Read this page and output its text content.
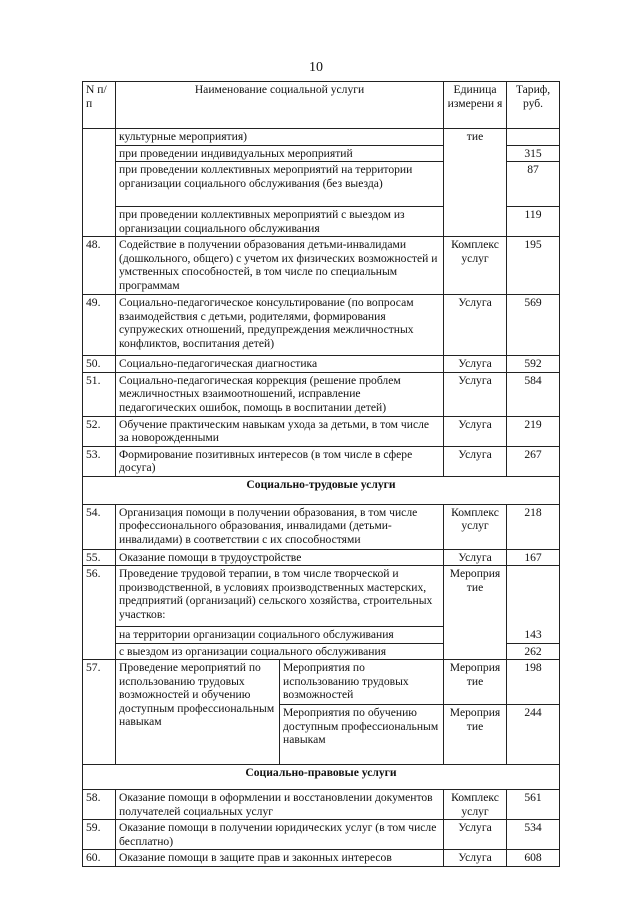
10
N п/п	Наименование социальной услуги		Единица измерени я	Тариф, руб.
	культурные мероприятия)		тие	
	при проведении индивидуальных мероприятий			315
	при проведении коллективных мероприятий на территории организации социального обслуживания (без выезда)			87
	при проведении коллективных мероприятий с выездом из организации социального обслуживания			119
48.	Содействие в получении образования детьми-инвалидами (дошкольного, общего) с учетом их физических возможностей и умственных способностей, в том числе по специальным программам		Комплекс услуг	195
49.	Социально-педагогическое консультирование (по вопросам взаимодействия с детьми, родителями, формирования супружеских отношений, предупреждения межличностных конфликтов, воспитания детей)		Услуга	569
50.	Социально-педагогическая диагностика		Услуга	592
51.	Социально-педагогическая коррекция (решение проблем межличностных взаимоотношений, исправление педагогических ошибок, помощь в воспитании детей)		Услуга	584
52.	Обучение практическим навыкам ухода за детьми, в том числе за новорожденными		Услуга	219
53.	Формирование позитивных интересов (в том числе в сфере досуга)		Услуга	267
Социально-трудовые услуги				
54.	Организация помощи в получении образования, в том числе профессионального образования, инвалидами (детьми-инвалидами) в соответствии с их способностями		Комплекс услуг	218
55.	Оказание помощи в трудоустройстве		Услуга	167
56.	Проведение трудовой терапии, в том числе творческой и производственной, в условиях производственных мастерских, предприятий (организаций) сельского хозяйства, строительных участков:		Мероприя тие	
	на территории организации социального обслуживания			143
	с выездом из организации социального обслуживания			262
57.	Проведение мероприятий по использованию трудовых возможностей и обучению доступным профессиональным навыкам	Мероприятия по использованию трудовых возможностей	Мероприя тие	198
		Мероприятия по обучению доступным профессиональным навыкам	Мероприя тие	244
Социально-правовые услуги				
58.	Оказание помощи в оформлении и восстановлении документов получателей социальных услуг		Комплекс услуг	561
59.	Оказание помощи в получении юридических услуг (в том числе бесплатно)		Услуга	534
60.	Оказание помощи в защите прав и законных интересов		Услуга	608
